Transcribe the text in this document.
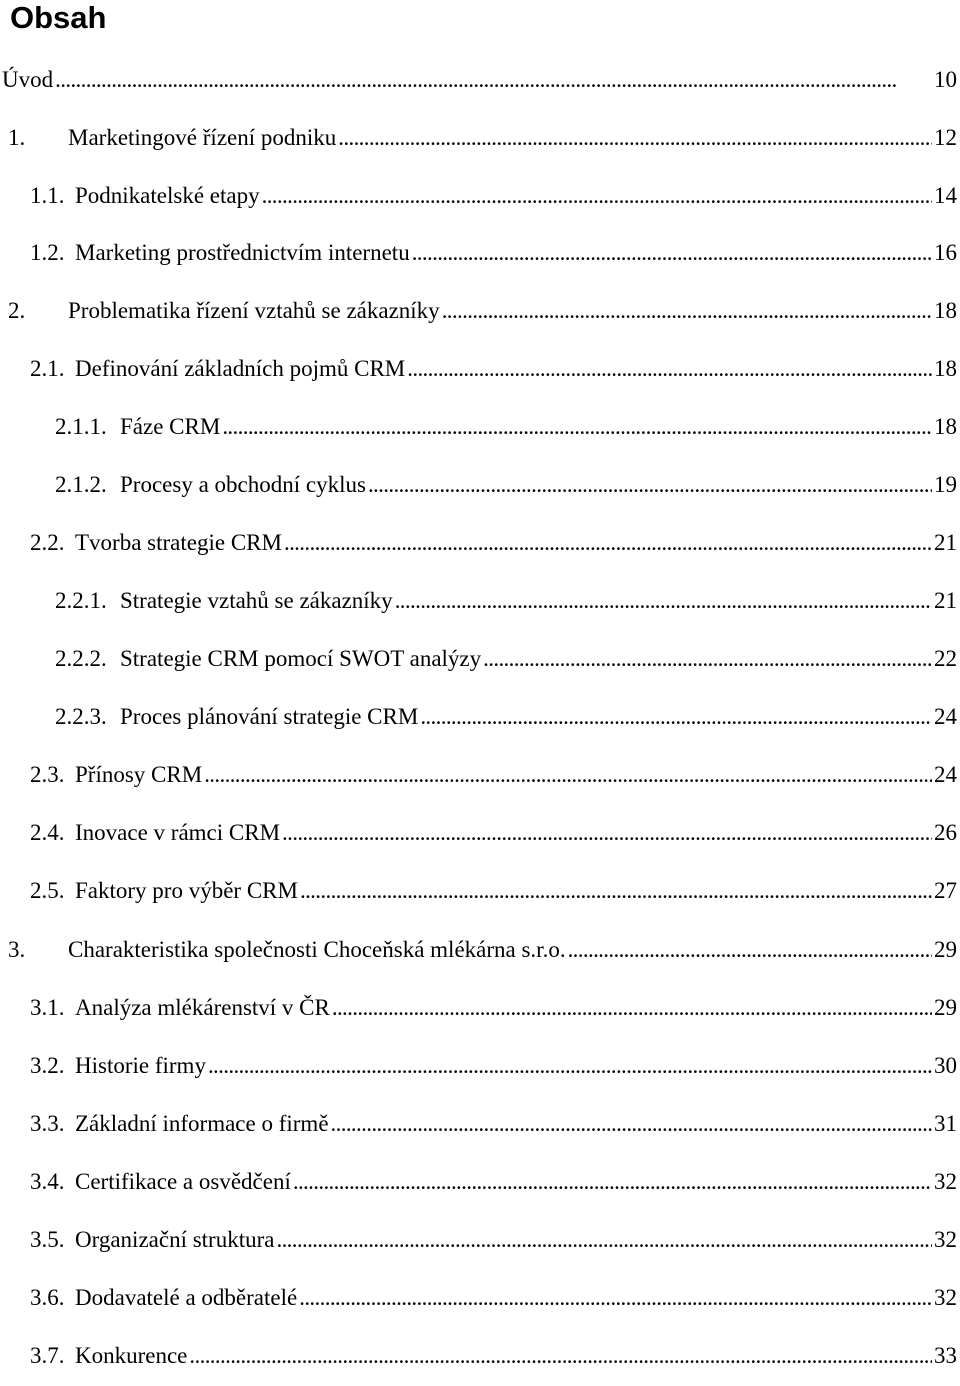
Obsah
Úvod . . .	10
1. Marketingové řízení podniku . . .	12
1.1. Podnikatelské etapy . . .	14
1.2. Marketing prostřednictvím internetu . . .	16
2. Problematika řízení vztahů se zákazníky . . .	18
2.1. Definování základních pojmů CRM . . .	18
2.1.1. Fáze CRM . . .	18
2.1.2. Procesy a obchodní cyklus . . .	19
2.2. Tvorba strategie CRM . . .	21
2.2.1. Strategie vztahů se zákazníky . . .	21
2.2.2. Strategie CRM pomocí SWOT analýzy . . .	22
2.2.3. Proces plánování strategie CRM . . .	24
2.3. Přínosy CRM . . .	24
2.4. Inovace v rámci CRM . . .	26
2.5. Faktory pro výběr CRM . . .	27
3. Charakteristika společnosti Choceňská mlékárna s.r.o. . . .	29
3.1. Analýza mlékárenství v ČR . . .	29
3.2. Historie firmy . . .	30
3.3. Základní informace o firmě . . .	31
3.4. Certifikace a osvědčení . . .	32
3.5. Organizační struktura . . .	32
3.6. Dodavatelé a odběratelé . . .	32
3.7. Konkurence . . .	33
